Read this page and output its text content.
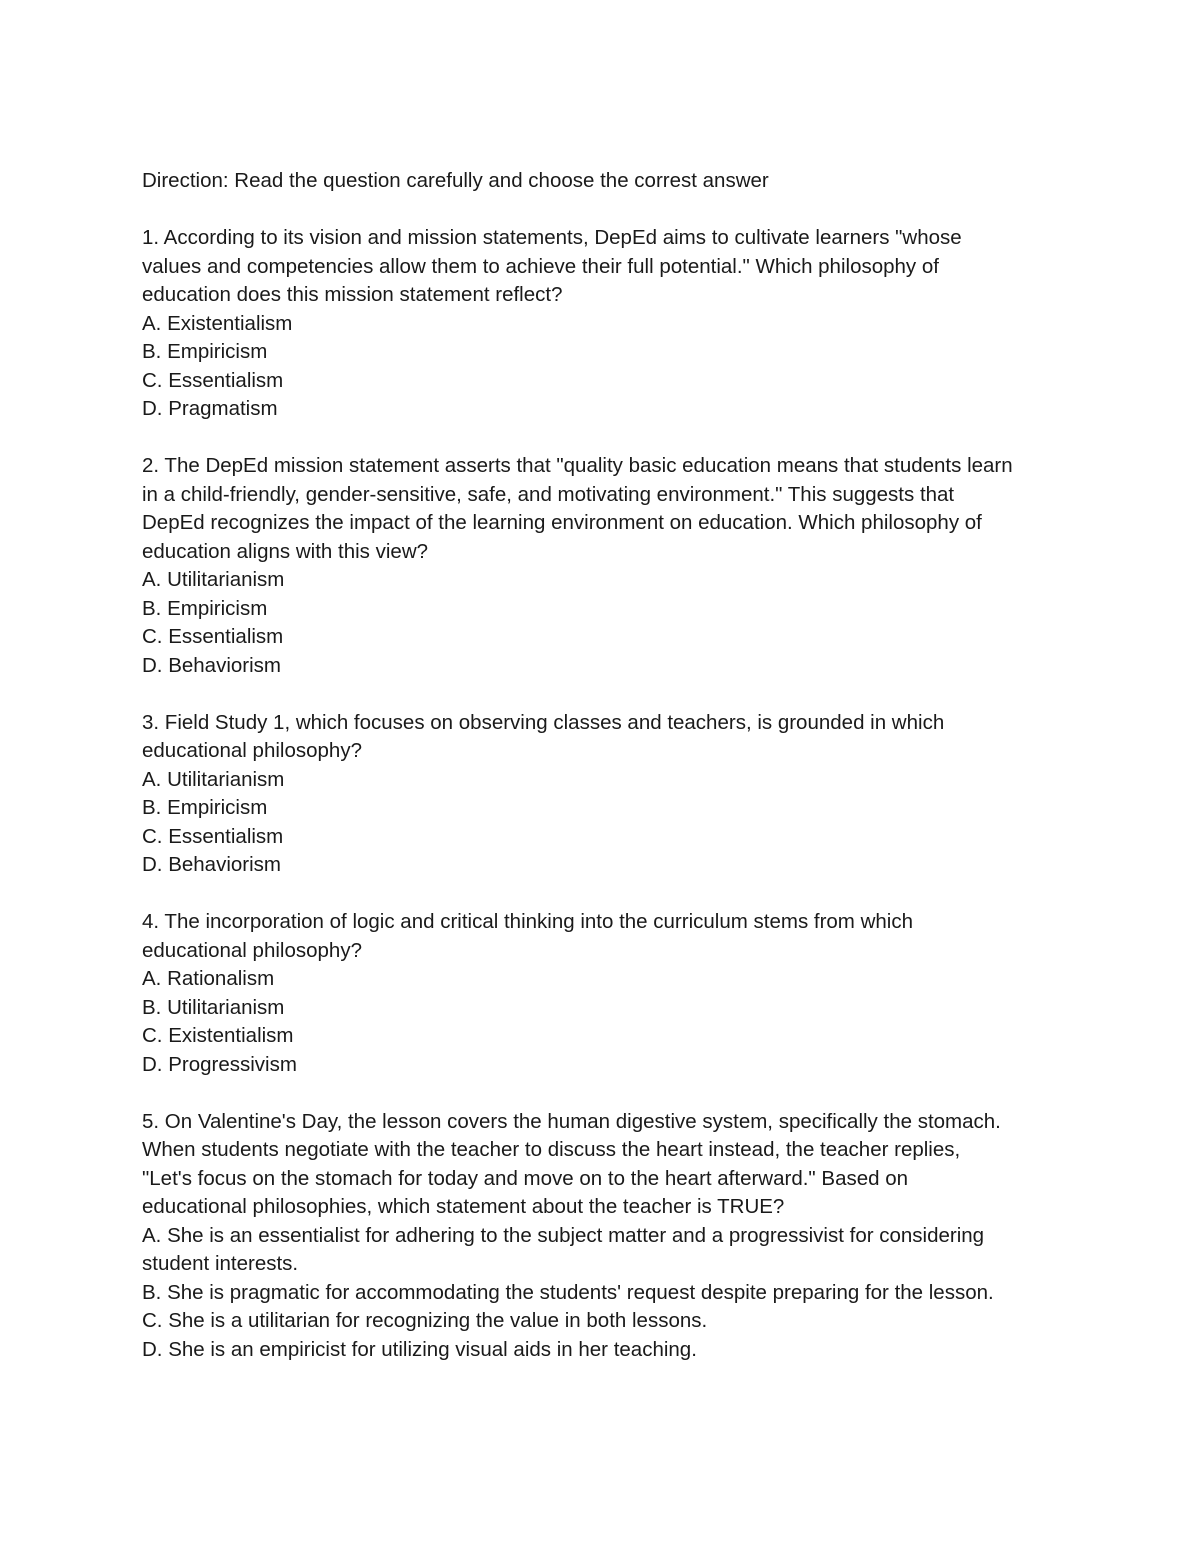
Direction: Read the question carefully and choose the correst answer

1. According to its vision and mission statements, DepEd aims to cultivate learners "whose

values and competencies allow them to achieve their full potential." Which philosophy of

education does this mission statement reflect?

A. Existentialism

B. Empiricism

C. Essentialism

D. Pragmatism

2. The DepEd mission statement asserts that "quality basic education means that students learn

in a child-friendly, gender-sensitive, safe, and motivating environment." This suggests that

DepEd recognizes the impact of the learning environment on education. Which philosophy of

education aligns with this view?

A. Utilitarianism

B. Empiricism

C. Essentialism

D. Behaviorism

3. Field Study 1, which focuses on observing classes and teachers, is grounded in which

educational philosophy?

A. Utilitarianism

B. Empiricism

C. Essentialism

D. Behaviorism

4. The incorporation of logic and critical thinking into the curriculum stems from which

educational philosophy?

A. Rationalism

B. Utilitarianism

C. Existentialism

D. Progressivism

5. On Valentine's Day, the lesson covers the human digestive system, specifically the stomach.

When students negotiate with the teacher to discuss the heart instead, the teacher replies,

"Let's focus on the stomach for today and move on to the heart afterward." Based on

educational philosophies, which statement about the teacher is TRUE?

A. She is an essentialist for adhering to the subject matter and a progressivist for considering

student interests.

B. She is pragmatic for accommodating the students' request despite preparing for the lesson.

C. She is a utilitarian for recognizing the value in both lessons.

D. She is an empiricist for utilizing visual aids in her teaching.
